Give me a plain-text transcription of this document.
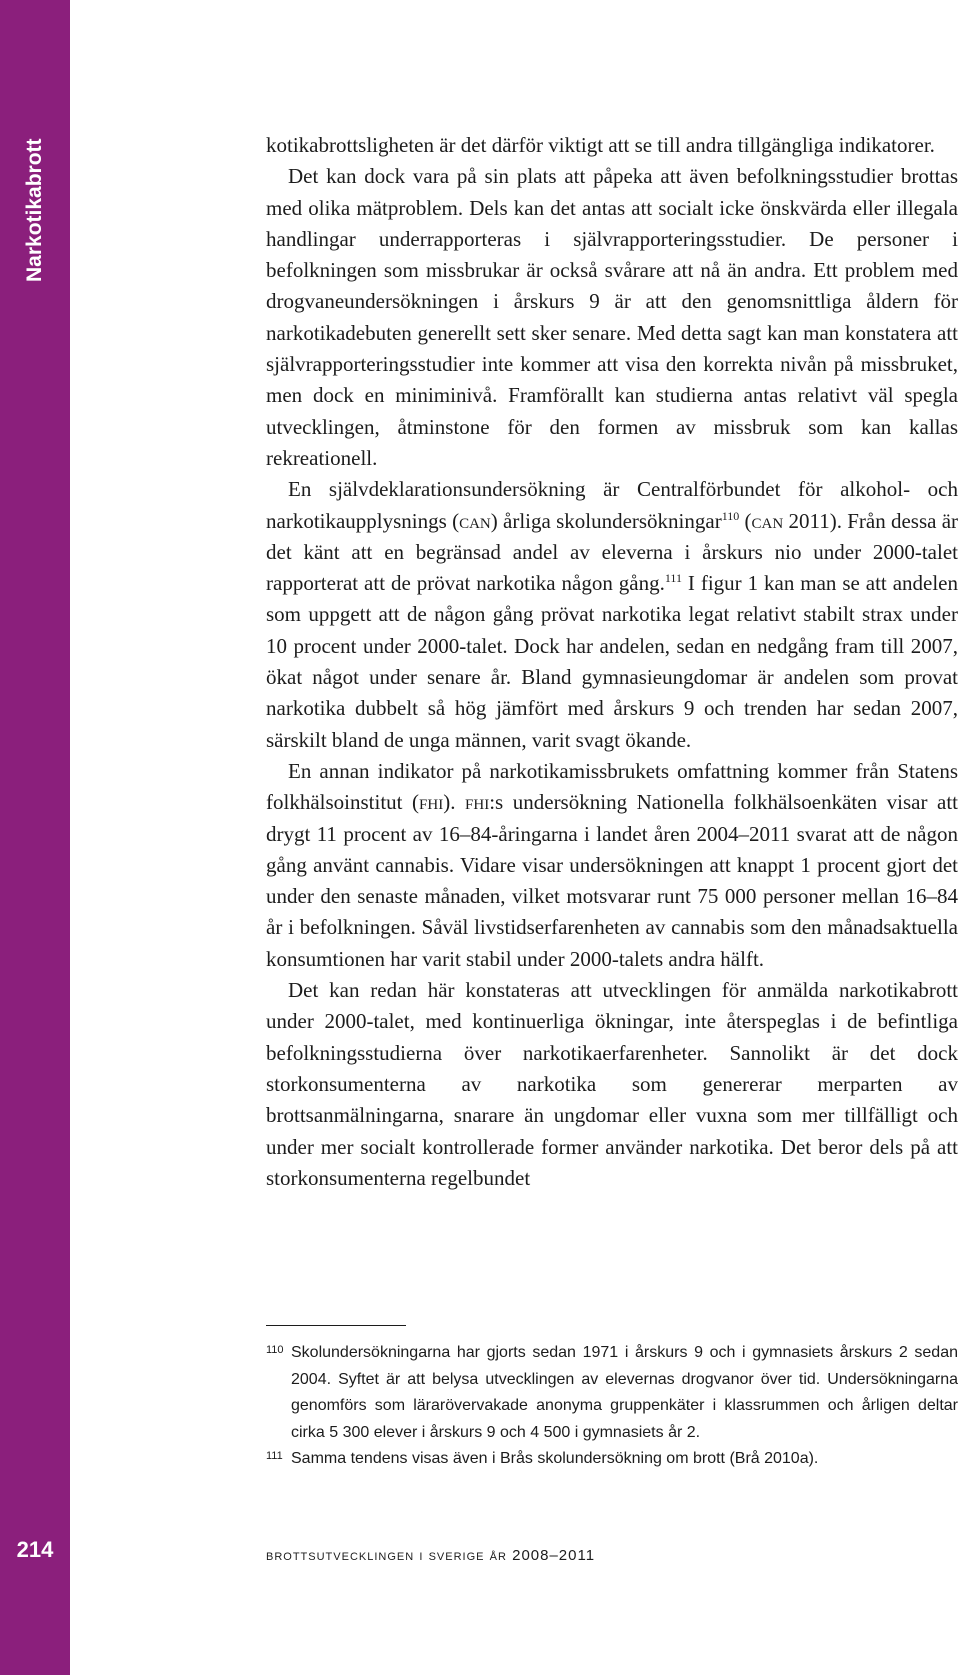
Narkotikabrott
214

kotikabrottsligheten är det därför viktigt att se till andra tillgängliga indikatorer.

Det kan dock vara på sin plats att påpeka att även befolkningsstudier brottas med olika mätproblem. Dels kan det antas att socialt icke önskvärda eller illegala handlingar underrapporteras i självrapporteringsstudier. De personer i befolkningen som missbrukar är också svårare att nå än andra. Ett problem med drogvaneundersökningen i årskurs 9 är att den genomsnittliga åldern för narkotikadebuten generellt sett sker senare. Med detta sagt kan man konstatera att självrapporteringsstudier inte kommer att visa den korrekta nivån på missbruket, men dock en miniminivå. Framförallt kan studierna antas relativt väl spegla utvecklingen, åtminstone för den formen av missbruk som kan kallas rekreationell.

En självdeklarationsundersökning är Centralförbundet för alkohol- och narkotikaupplysnings (can) årliga skolundersökningar$^{110}$ (can 2011). Från dessa är det känt att en begränsad andel av eleverna i årskurs nio under 2000-talet rapporterat att de prövat narkotika någon gång.$^{111}$ I figur 1 kan man se att andelen som uppgett att de någon gång prövat narkotika legat relativt stabilt strax under 10 procent under 2000-talet. Dock har andelen, sedan en nedgång fram till 2007, ökat något under senare år. Bland gymnasieungdomar är andelen som provat narkotika dubbelt så hög jämfört med årskurs 9 och trenden har sedan 2007, särskilt bland de unga männen, varit svagt ökande.

En annan indikator på narkotikamissbrukets omfattning kommer från Statens folkhälsoinstitut (fhi). fhi:s undersökning Nationella folkhälsoenkäten visar att drygt 11 procent av 16–84-åringarna i landet åren 2004–2011 svarat att de någon gång använt cannabis. Vidare visar undersökningen att knappt 1 procent gjort det under den senaste månaden, vilket motsvarar runt 75 000 personer mellan 16–84 år i befolkningen. Såväl livstidserfarenheten av cannabis som den månadsaktuella konsumtionen har varit stabil under 2000-talets andra hälft.

Det kan redan här konstateras att utvecklingen för anmälda narkotikabrott under 2000-talet, med kontinuerliga ökningar, inte återspeglas i de befintliga befolkningsstudierna över narkotikaerfarenheter. Sannolikt är det dock storkonsumenterna av narkotika som genererar merparten av brottsanmälningarna, snarare än ungdomar eller vuxna som mer tillfälligt och under mer socialt kontrollerade former använder narkotika. Det beror dels på att storkonsumenterna regelbundet

110 Skolundersökningarna har gjorts sedan 1971 i årskurs 9 och i gymnasiets årskurs 2 sedan 2004. Syftet är att belysa utvecklingen av elevernas drogvanor över tid. Undersökningarna genomförs som lärarövervakade anonyma gruppenkäter i klassrummen och årligen deltar cirka 5 300 elever i årskurs 9 och 4 500 i gymnasiets år 2.
111 Samma tendens visas även i Brås skolundersökning om brott (Brå 2010a).
brottsutvecklingen i sverige år 2008–2011
